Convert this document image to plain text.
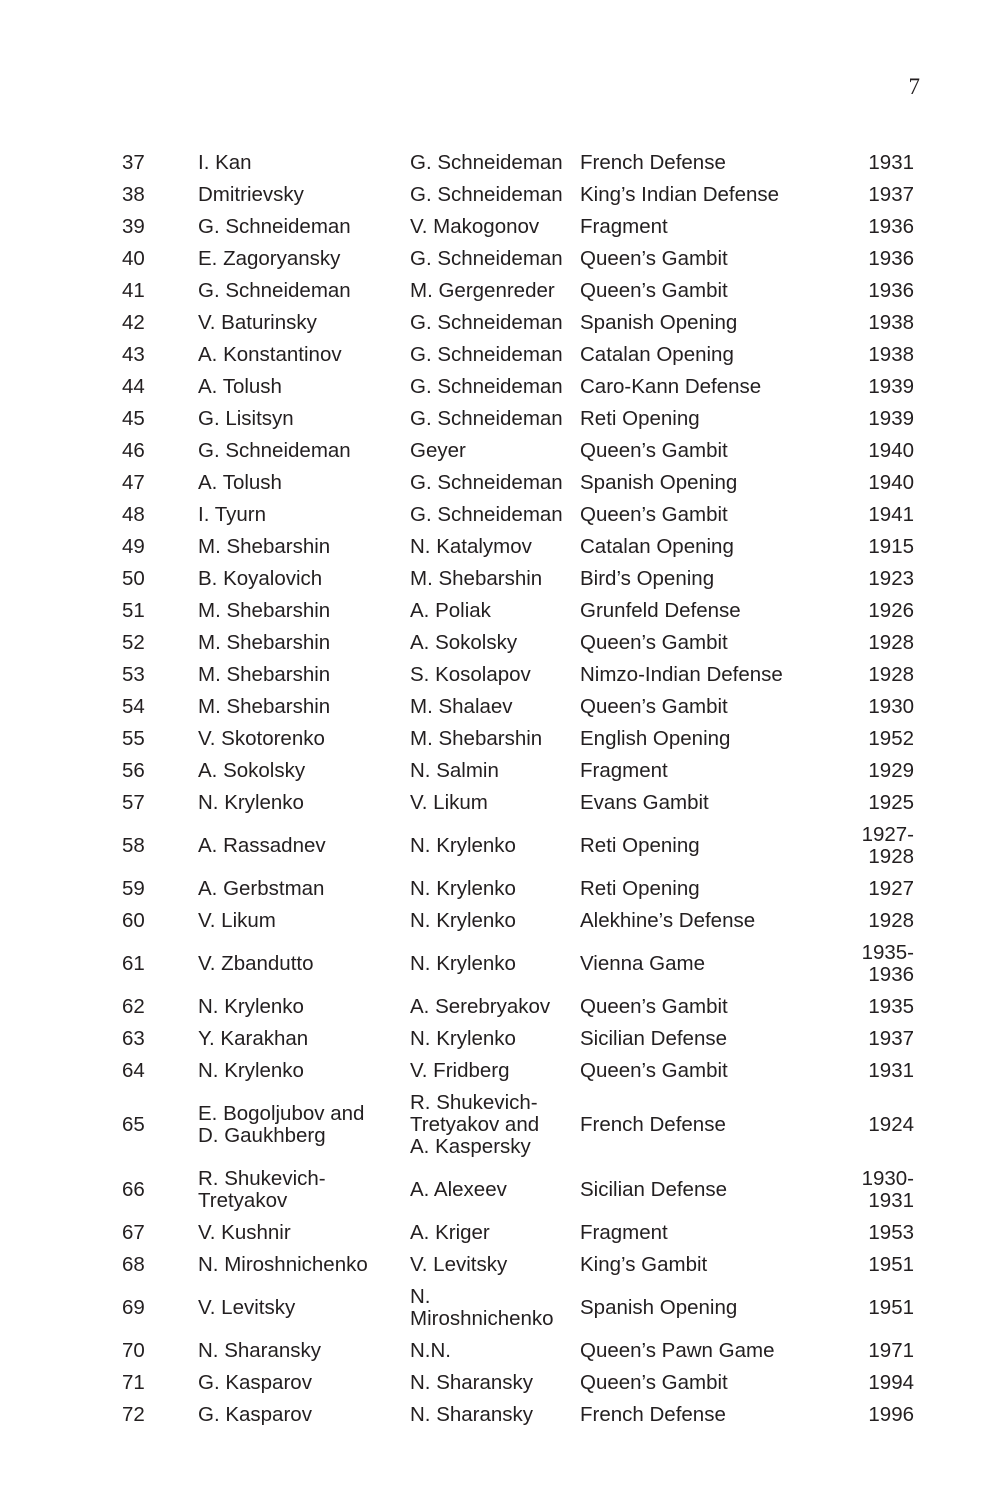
7
37	I. Kan	G. Schneideman	French Defense	1931
38	Dmitrievsky	G. Schneideman	King’s Indian Defense	1937
39	G. Schneideman	V. Makogonov	Fragment	1936
40	E. Zagoryansky	G. Schneideman	Queen’s Gambit	1936
41	G. Schneideman	M. Gergenreder	Queen’s Gambit	1936
42	V. Baturinsky	G. Schneideman	Spanish Opening	1938
43	A. Konstantinov	G. Schneideman	Catalan Opening	1938
44	A. Tolush	G. Schneideman	Caro-Kann Defense	1939
45	G. Lisitsyn	G. Schneideman	Reti Opening	1939
46	G. Schneideman	Geyer	Queen’s Gambit	1940
47	A. Tolush	G. Schneideman	Spanish Opening	1940
48	I. Tyurn	G. Schneideman	Queen’s Gambit	1941
49	M. Shebarshin	N. Katalymov	Catalan Opening	1915
50	B. Koyalovich	M. Shebarshin	Bird’s Opening	1923
51	M. Shebarshin	A. Poliak	Grunfeld Defense	1926
52	M. Shebarshin	A. Sokolsky	Queen’s Gambit	1928
53	M. Shebarshin	S. Kosolapov	Nimzo-Indian Defense	1928
54	M. Shebarshin	M. Shalaev	Queen’s Gambit	1930
55	V. Skotorenko	M. Shebarshin	English Opening	1952
56	A. Sokolsky	N. Salmin	Fragment	1929
57	N. Krylenko	V. Likum	Evans Gambit	1925
58	A. Rassadnev	N. Krylenko	Reti Opening	1927-
1928
59	A. Gerbstman	N. Krylenko	Reti Opening	1927
60	V. Likum	N. Krylenko	Alekhine’s Defense	1928
61	V. Zbandutto	N. Krylenko	Vienna Game	1935-
1936
62	N. Krylenko	A. Serebryakov	Queen’s Gambit	1935
63	Y. Karakhan	N. Krylenko	Sicilian Defense	1937
64	N. Krylenko	V. Fridberg	Queen’s Gambit	1931
65	E. Bogoljubov and
D. Gaukhberg	R. Shukevich-
Tretyakov and
A. Kaspersky	French Defense	1924
66	R. Shukevich-
Tretyakov	A. Alexeev	Sicilian Defense	1930-
1931
67	V. Kushnir	A. Kriger	Fragment	1953
68	N. Miroshnichenko	V. Levitsky	King’s Gambit	1951
69	V. Levitsky	N.
Miroshnichenko	Spanish Opening	1951
70	N. Sharansky	N.N.	Queen’s Pawn Game	1971
71	G. Kasparov	N. Sharansky	Queen’s Gambit	1994
72	G. Kasparov	N. Sharansky	French Defense	1996
